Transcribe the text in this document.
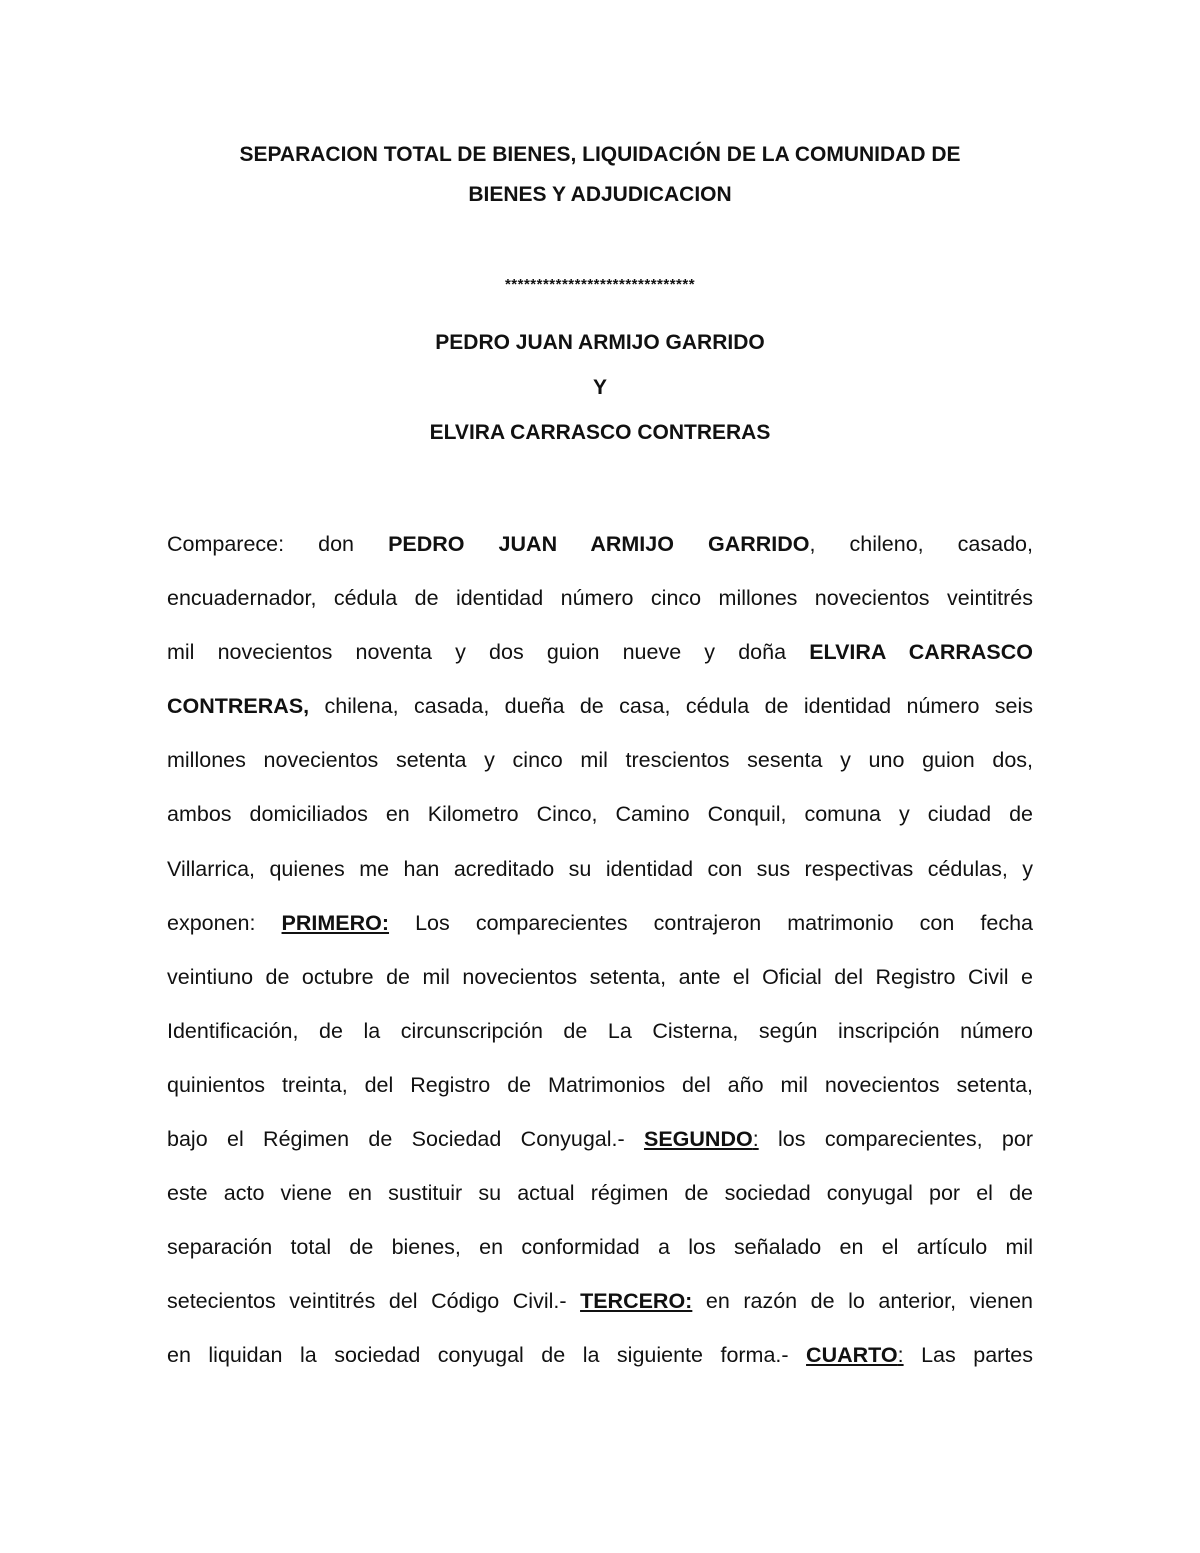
SEPARACION TOTAL DE BIENES, LIQUIDACIÓN DE LA COMUNIDAD DE
BIENES Y ADJUDICACION
******************************
PEDRO JUAN ARMIJO GARRIDO
Y
ELVIRA CARRASCO CONTRERAS
Comparece: don PEDRO JUAN ARMIJO GARRIDO, chileno, casado,
encuadernador, cédula de identidad número cinco millones novecientos veintitrés
mil novecientos noventa y dos guion nueve y doña ELVIRA CARRASCO
CONTRERAS, chilena, casada, dueña de casa, cédula de identidad número seis
millones novecientos setenta y cinco mil trescientos sesenta y uno guion dos,
ambos domiciliados en Kilometro Cinco, Camino Conquil, comuna y ciudad de
Villarrica, quienes me han acreditado su identidad con sus respectivas cédulas, y
exponen: PRIMERO: Los comparecientes contrajeron matrimonio con fecha
veintiuno de octubre de mil novecientos setenta, ante el Oficial del Registro Civil e
Identificación, de la circunscripción de La Cisterna, según inscripción número
quinientos treinta, del Registro de Matrimonios del año mil novecientos setenta,
bajo el Régimen de Sociedad Conyugal.- SEGUNDO: los comparecientes, por
este acto viene en sustituir su actual régimen de sociedad conyugal por el de
separación total de bienes, en conformidad a los señalado en el artículo mil
setecientos veintitrés del Código Civil.- TERCERO: en razón de lo anterior, vienen
en liquidan la sociedad conyugal de la siguiente forma.- CUARTO: Las partes
